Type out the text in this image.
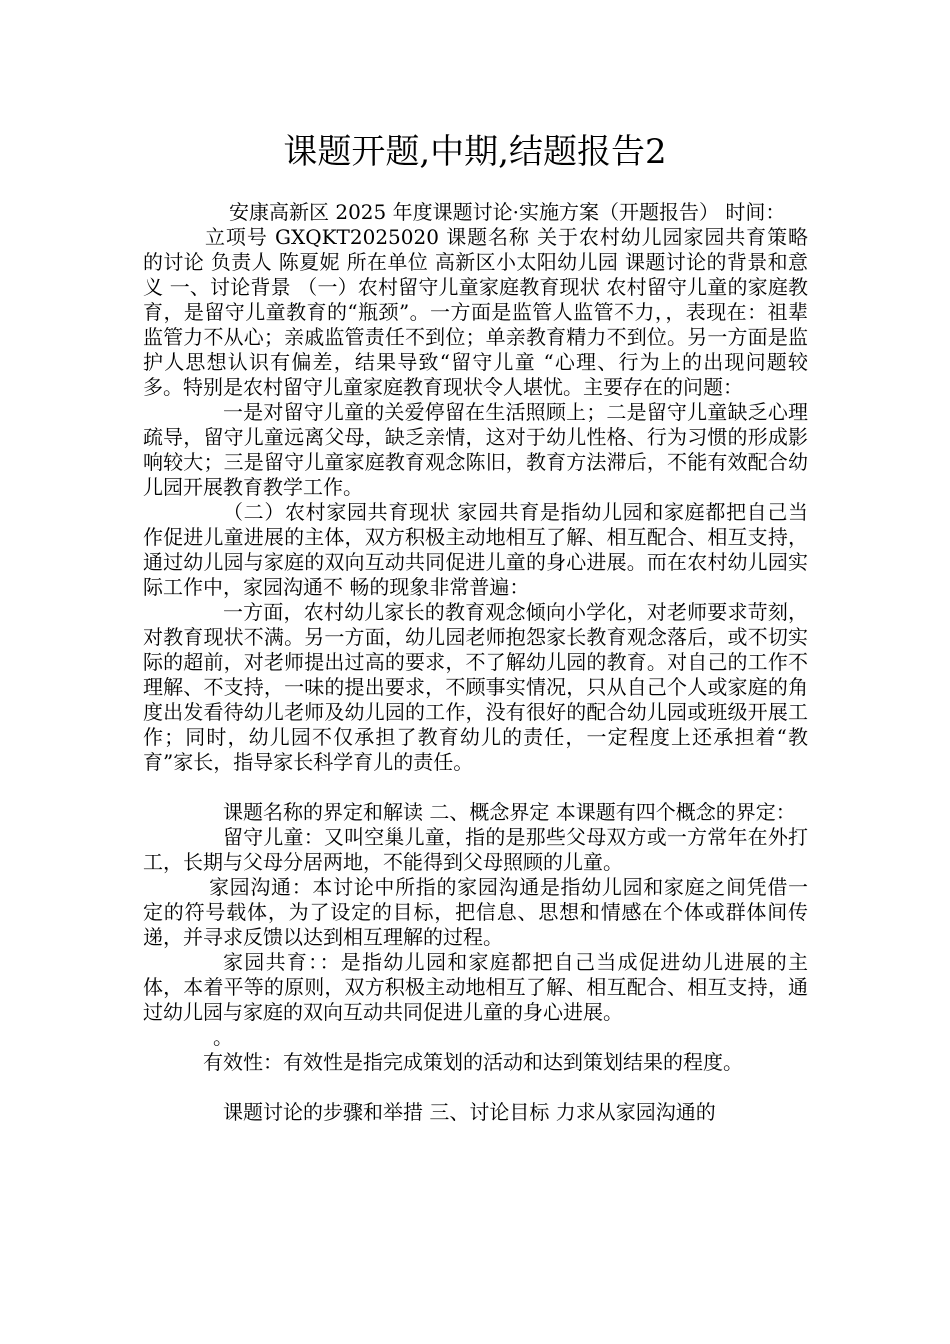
课题开题,中期,结题报告2

安康高新区 2025 年度课题讨论·实施方案（开题报告） 时间：

立项号 GXQKT2025020 课题名称 关于农村幼儿园家园共育策略的讨论 负责人 陈夏妮 所在单位 高新区小太阳幼儿园 课题讨论的背景和意义 一、讨论背景 （一）农村留守儿童家庭教育现状 农村留守儿童的家庭教育，是留守儿童教育的“瓶颈”。一方面是监管人监管不力，，表现在：祖辈监管力不从心；亲戚监管责任不到位；单亲教育精力不到位。另一方面是监护人思想认识有偏差，结果导致“留守儿童 “心理、行为上的出现问题较多。特别是农村留守儿童家庭教育现状令人堪忧。主要存在的问题：

一是对留守儿童的关爱停留在生活照顾上；二是留守儿童缺乏心理疏导，留守儿童远离父母，缺乏亲情，这对于幼儿性格、行为习惯的形成影响较大；三是留守儿童家庭教育观念陈旧，教育方法滞后，不能有效配合幼儿园开展教育教学工作。

（二）农村家园共育现状 家园共育是指幼儿园和家庭都把自己当作促进儿童进展的主体，双方积极主动地相互了解、相互配合、相互支持，通过幼儿园与家庭的双向互动共同促进儿童的身心进展。而在农村幼儿园实际工作中，家园沟通不 畅的现象非常普遍：

一方面，农村幼儿家长的教育观念倾向小学化，对老师要求苛刻，对教育现状不满。另一方面，幼儿园老师抱怨家长教育观念落后，或不切实际的超前，对老师提出过高的要求，不了解幼儿园的教育。对自己的工作不理解、不支持，一味的提出要求，不顾事实情况，只从自己个人或家庭的角度出发看待幼儿老师及幼儿园的工作，没有很好的配合幼儿园或班级开展工作；同时，幼儿园不仅承担了教育幼儿的责任，一定程度上还承担着“教育”家长，指导家长科学育儿的责任。

课题名称的界定和解读 二、概念界定 本课题有四个概念的界定：

留守儿童：又叫空巢儿童，指的是那些父母双方或一方常年在外打工，长期与父母分居两地，不能得到父母照顾的儿童。

家园沟通：本讨论中所指的家园沟通是指幼儿园和家庭之间凭借一定的符号载体，为了设定的目标，把信息、思想和情感在个体或群体间传递，并寻求反馈以达到相互理解的过程。

家园共育：：是指幼儿园和家庭都把自己当成促进幼儿进展的主体，本着平等的原则，双方积极主动地相互了解、相互配合、相互支持，通过幼儿园与家庭的双向互动共同促进儿童的身心进展。

。

有效性：有效性是指完成策划的活动和达到策划结果的程度。

课题讨论的步骤和举措 三、讨论目标 力求从家园沟通的
